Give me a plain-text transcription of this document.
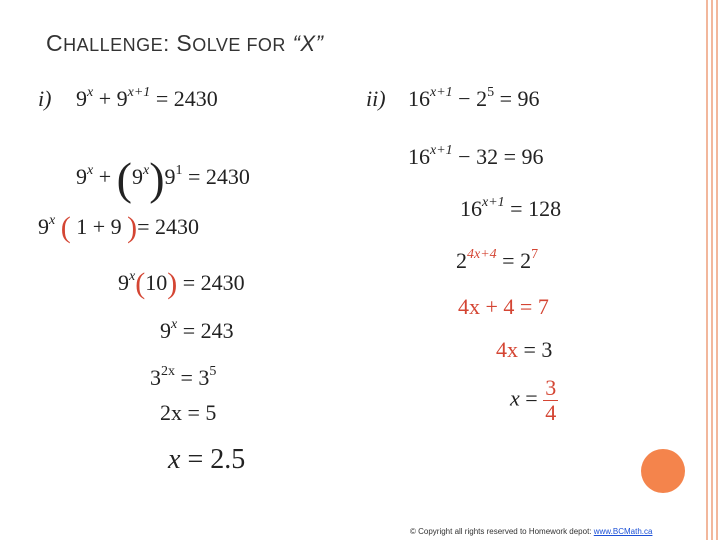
CHALLENGE: SOLVE FOR “X”
i) $9^x + 9^{x+1} = 2430$
$9^x + (9^x)9^1 = 2430$
9$^x$ ( 1 + 9 )= 2430
$9^x(10) = 2430$
$9^x = 243$
$3^{2x} = 3^5$
2x = 5
x = 2.5
ii) $16^{x+1} - 2^5 = 96$
$16^{x+1} - 32 = 96$
$16^{x+1} = 128$
$2^{4x+4} = 2^7$
4x + 4 = 7
4x = 3
$x = \frac{3}{4}$
© Copyright all rights reserved to Homework depot: www.BCMath.ca
